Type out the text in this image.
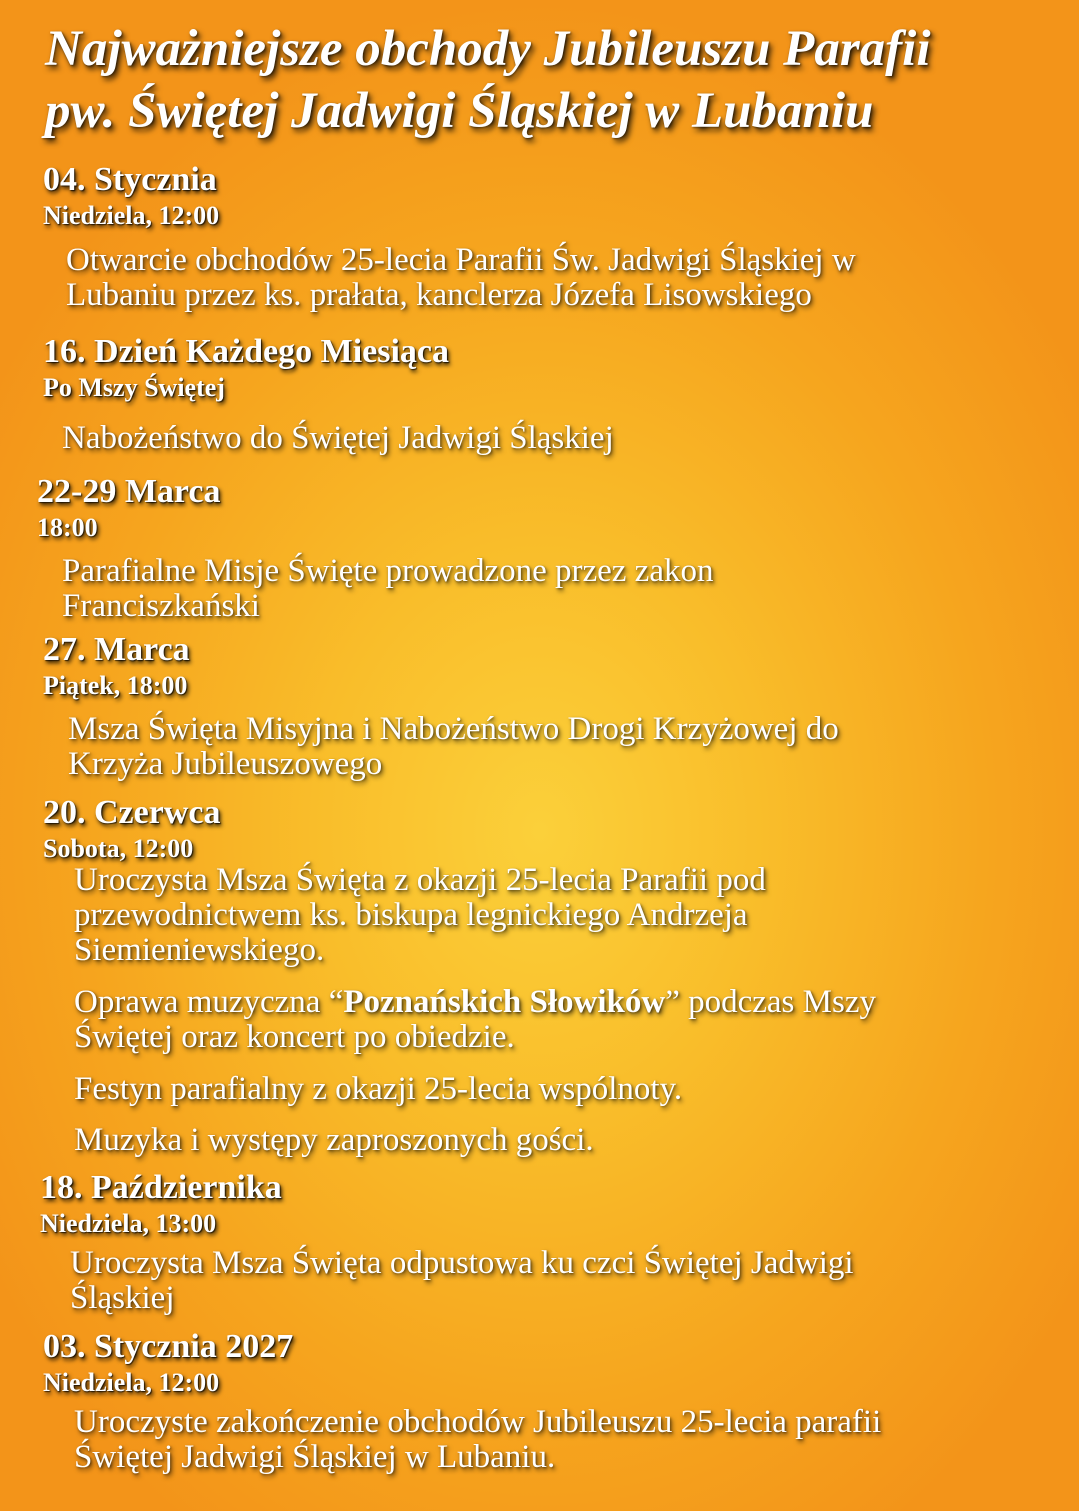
Najważniejsze obchody Jubileuszu Parafii
pw. Świętej Jadwigi Śląskiej w Lubaniu
04. Stycznia
Niedziela, 12:00
Otwarcie obchodów 25-lecia Parafii Św. Jadwigi Śląskiej w
Lubaniu przez ks. prałata, kanclerza Józefa Lisowskiego
16. Dzień Każdego Miesiąca
Po Mszy Świętej
Nabożeństwo do Świętej Jadwigi Śląskiej
22-29 Marca
18:00
Parafialne Misje Święte prowadzone przez zakon
Franciszkański
27. Marca
Piątek, 18:00
Msza Święta Misyjna i Nabożeństwo Drogi Krzyżowej do
Krzyża Jubileuszowego
20. Czerwca
Sobota, 12:00
Uroczysta Msza Święta z okazji 25-lecia Parafii pod
przewodnictwem ks. biskupa legnickiego Andrzeja
Siemieniewskiego.
Oprawa muzyczna “Poznańskich Słowików” podczas Mszy
Świętej oraz koncert po obiedzie.
Festyn parafialny z okazji 25-lecia wspólnoty.
Muzyka i występy zaproszonych gości.
18. Października
Niedziela, 13:00
Uroczysta Msza Święta odpustowa ku czci Świętej Jadwigi
Śląskiej
03. Stycznia 2027
Niedziela, 12:00
Uroczyste zakończenie obchodów Jubileuszu 25-lecia parafii
Świętej Jadwigi Śląskiej w Lubaniu.
